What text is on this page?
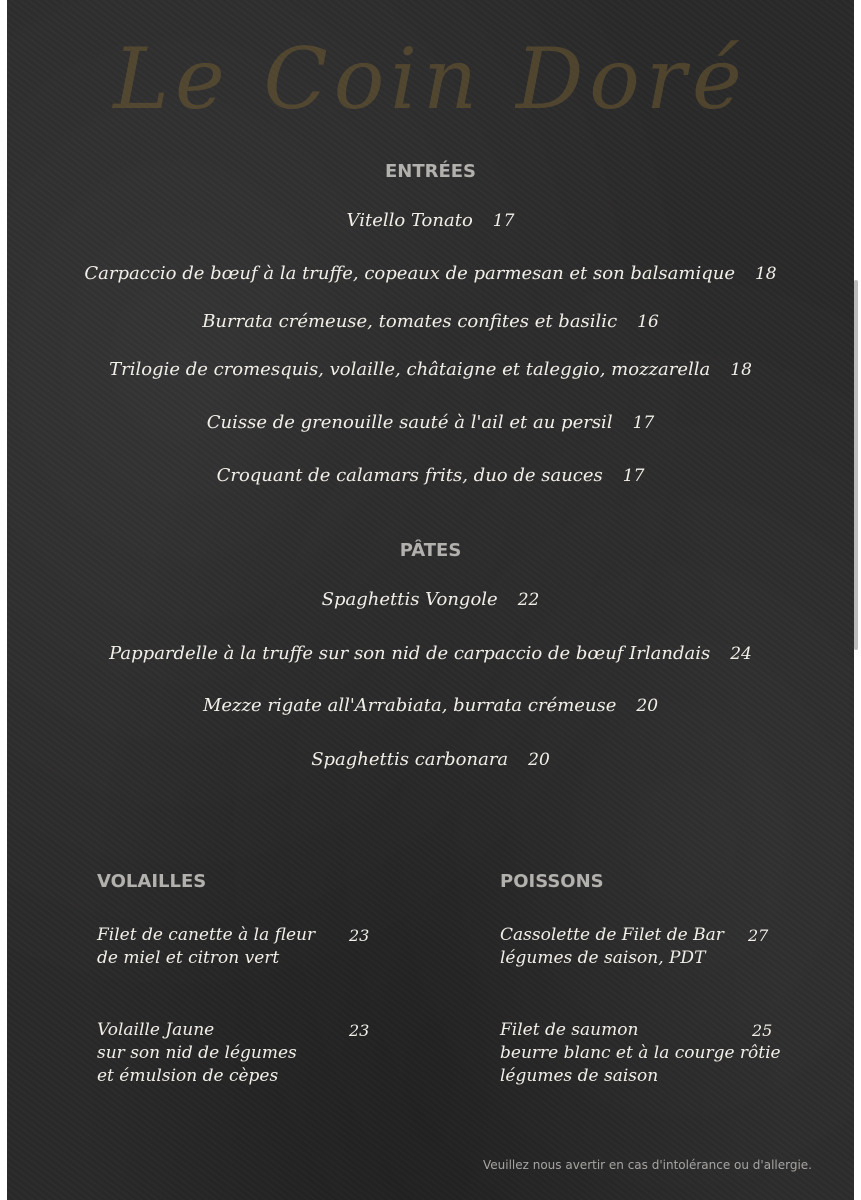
Le Coin Doré
ENTRÉES
Vitello Tonato 17
Carpaccio de bœuf à la truffe, copeaux de parmesan et son balsamique 18
Burrata crémeuse, tomates confites et basilic 16
Trilogie de cromesquis, volaille, châtaigne et taleggio, mozzarella 18
Cuisse de grenouille sauté à l'ail et au persil 17
Croquant de calamars frits, duo de sauces 17
PÂTES
Spaghettis Vongole 22
Pappardelle à la truffe sur son nid de carpaccio de bœuf Irlandais 24
Mezze rigate all'Arrabiata, burrata crémeuse 20
Spaghettis carbonara 20
VOLAILLES
Filet de canette à la fleur
de miel et citron vert
23
Volaille Jaune
sur son nid de légumes
et émulsion de cèpes
23
POISSONS
Cassolette de Filet de Bar
légumes de saison, PDT
27
Filet de saumon
beurre blanc et à la courge rôtie
légumes de saison
25
Veuillez nous avertir en cas d'intolérance ou d'allergie.
